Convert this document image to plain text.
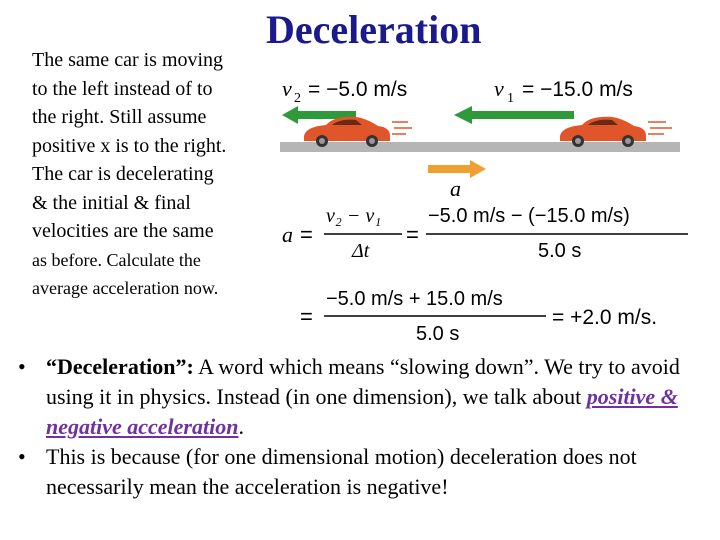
Deceleration
The same car is moving
to the left instead of to
the right. Still assume
positive x is to the right.
The car is decelerating
& the initial & final
velocities are the same
as before. Calculate the
average acceleration now.
v 2 = −5.0 m/s	v 1 = −15.0 m/s
a
a =
v₂ − v₁
Δt
=
−5.0 m/s − (−15.0 m/s)
5.0 s
=
−5.0 m/s + 15.0 m/s
5.0 s
= +2.0 m/s.
• “Deceleration”: A word which means “slowing down”. We try to avoid using it in physics. Instead (in one dimension), we talk about positive & negative acceleration.
• This is because (for one dimensional motion) deceleration does not necessarily mean the acceleration is negative!
